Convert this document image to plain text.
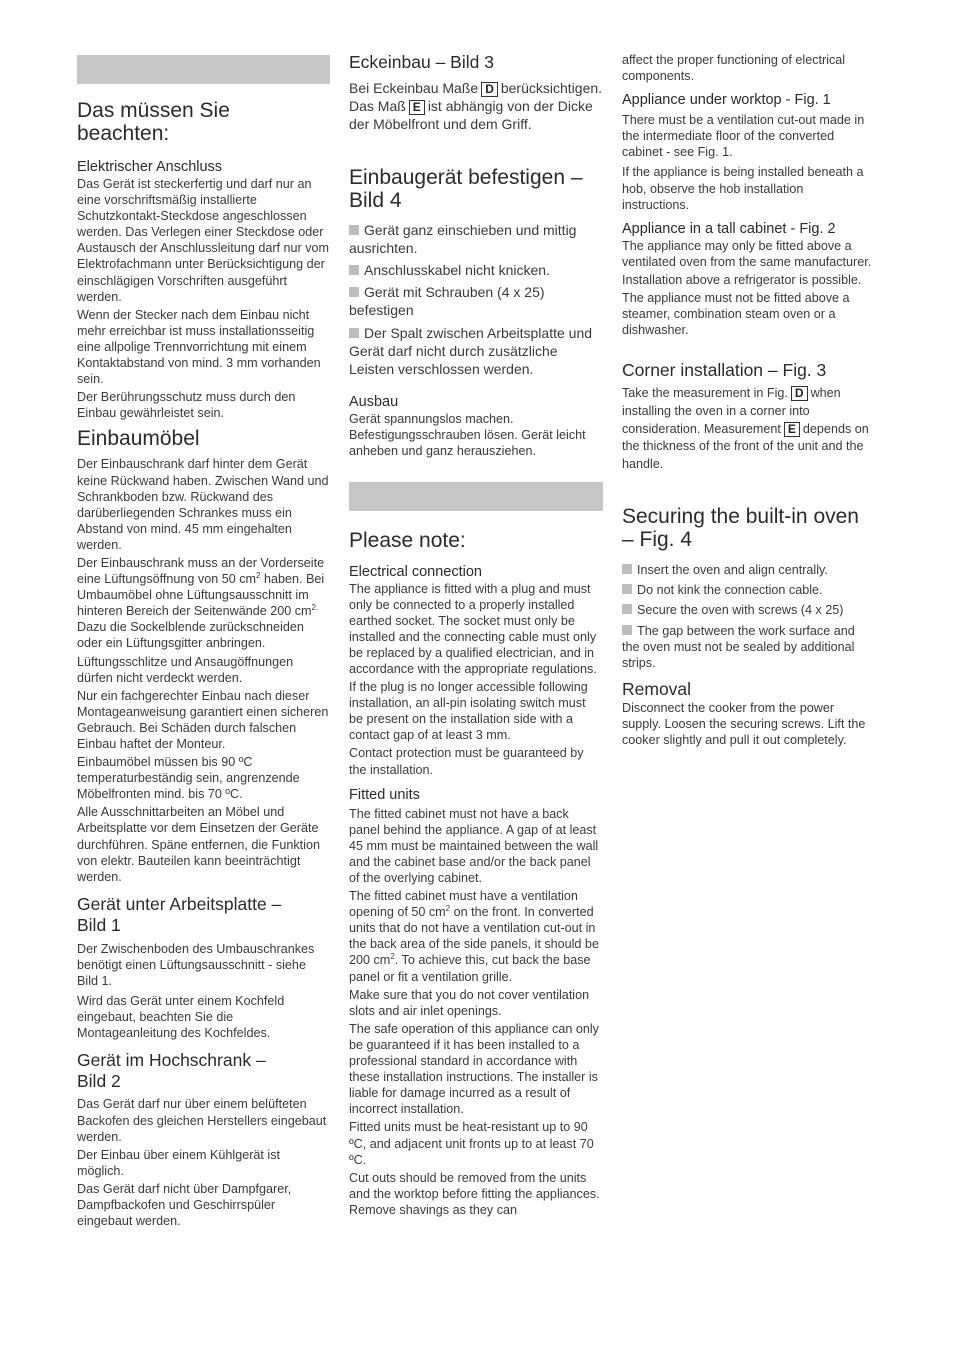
Das müssen Sie beachten:
Elektrischer Anschluss

Das Gerät ist steckerfertig und darf nur an eine vorschriftsmäßig installierte Schutzkontakt-Steckdose angeschlossen werden. Das Verlegen einer Steckdose oder Austausch der Anschlussleitung darf nur vom Elektrofachmann unter Berücksichtigung der einschlägigen Vorschriften ausgeführt werden.

Wenn der Stecker nach dem Einbau nicht mehr erreichbar ist muss installationsseitig eine allpolige Trennvorrichtung mit einem Kontaktabstand von mind. 3 mm vorhanden sein.

Der Berührungsschutz muss durch den Einbau gewährleistet sein.

Einbaumöbel

Der Einbauschrank darf hinter dem Gerät keine Rückwand haben. Zwischen Wand und Schrankboden bzw. Rückwand des darüberliegenden Schrankes muss ein Abstand von mind. 45 mm eingehalten werden.

Der Einbauschrank muss an der Vorderseite eine Lüftungsöffnung von 50 $cm^2$ haben. Bei Umbaumöbel ohne Lüftungsausschnitt im hinteren Bereich der Seitenwände 200 $cm^{2.}$ Dazu die Sockelblende zurückschneiden oder ein Lüftungsgitter anbringen.

Lüftungsschlitze und Ansaugöffnungen dürfen nicht verdeckt werden.

Nur ein fachgerechter Einbau nach dieser Montageanweisung garantiert einen sicheren Gebrauch. Bei Schäden durch falschen Einbau haftet der Monteur.

Einbaumöbel müssen bis 90 ºC temperaturbeständig sein, angrenzende Möbelfronten mind. bis 70 ºC.

Alle Ausschnittarbeiten an Möbel und Arbeitsplatte vor dem Einsetzen der Geräte durchführen. Späne entfernen, die Funktion von elektr. Bauteilen kann beeinträchtigt werden.

Gerät unter Arbeitsplatte – Bild 1

Der Zwischenboden des Umbauschrankes benötigt einen Lüftungsausschnitt - siehe Bild 1.

Wird das Gerät unter einem Kochfeld eingebaut, beachten Sie die Montageanleitung des Kochfeldes.

Gerät im Hochschrank – Bild 2

Das Gerät darf nur über einem belüfteten Backofen des gleichen Herstellers eingebaut werden.

Der Einbau über einem Kühlgerät ist möglich.

Das Gerät darf nicht über Dampfgarer, Dampfbackofen und Geschirrspüler eingebaut werden.

Eckeinbau – Bild 3

Bei Eckeinbau Maße D berücksichtigen. Das Maß E ist abhängig von der Dicke der Möbelfront und dem Griff.

Einbaugerät befestigen –Bild 4

Gerät ganz einschieben und mittig ausrichten.

Anschlusskabel nicht knicken.

Gerät mit Schrauben (4 x 25) befestigen

Der Spalt zwischen Arbeitsplatte und Gerät darf nicht durch zusätzliche Leisten verschlossen werden.

Ausbau

Gerät spannungslos machen. Befestigungsschrauben lösen. Gerät leicht anheben und ganz herausziehen.

Please note:
Electrical connection

The appliance is fitted with a plug and must only be connected to a properly installed earthed socket. The socket must only be installed and the connecting cable must only be replaced by a qualified electrician, and in accordance with the appropriate regulations.

If the plug is no longer accessible following installation, an all-pin isolating switch must be present on the installation side with a contact gap of at least 3 mm.

Contact protection must be guaranteed by the installation.

Fitted units

The fitted cabinet must not have a back panel behind the appliance. A gap of at least 45 mm must be maintained between the wall and the cabinet base and/or the back panel of the overlying cabinet.

The fitted cabinet must have a ventilation opening of 50 $cm^2$ on the front. In converted units that do not have a ventilation cut-out in the back area of the side panels, it should be 200 $cm^2$. To achieve this, cut back the base panel or fit a ventilation grille.

Make sure that you do not cover ventilation slots and air inlet openings.

The safe operation of this appliance can only be guaranteed if it has been installed to a professional standard in accordance with these installation instructions. The installer is liable for damage incurred as a result of incorrect installation.

Fitted units must be heat-resistant up to 90 ºC, and adjacent unit fronts up to at least 70 ºC.

Cut outs should be removed from the units and the worktop before fitting the appliances. Remove shavings as they can

affect the proper functioning of electrical components.

Appliance under worktop - Fig. 1

There must be a ventilation cut-out made in the intermediate floor of the converted cabinet - see Fig. 1.

If the appliance is being installed beneath a hob, observe the hob installation instructions.

Appliance in a tall cabinet - Fig. 2

The appliance may only be fitted above a ventilated oven from the same manufacturer.

Installation above a refrigerator is possible.

The appliance must not be fitted above a steamer, combination steam oven or a dishwasher.

Corner installation – Fig. 3

Take the measurement in Fig. D when installing the oven in a corner into consideration. Measurement E depends on the thickness of the front of the unit and the handle.

Securing the built-in oven – Fig. 4

Insert the oven and align centrally.

Do not kink the connection cable.

Secure the oven with screws (4 x 25)

The gap between the work surface and the oven must not be sealed by additional strips.

Removal

Disconnect the cooker from the power supply. Loosen the securing screws. Lift the cooker slightly and pull it out completely.
